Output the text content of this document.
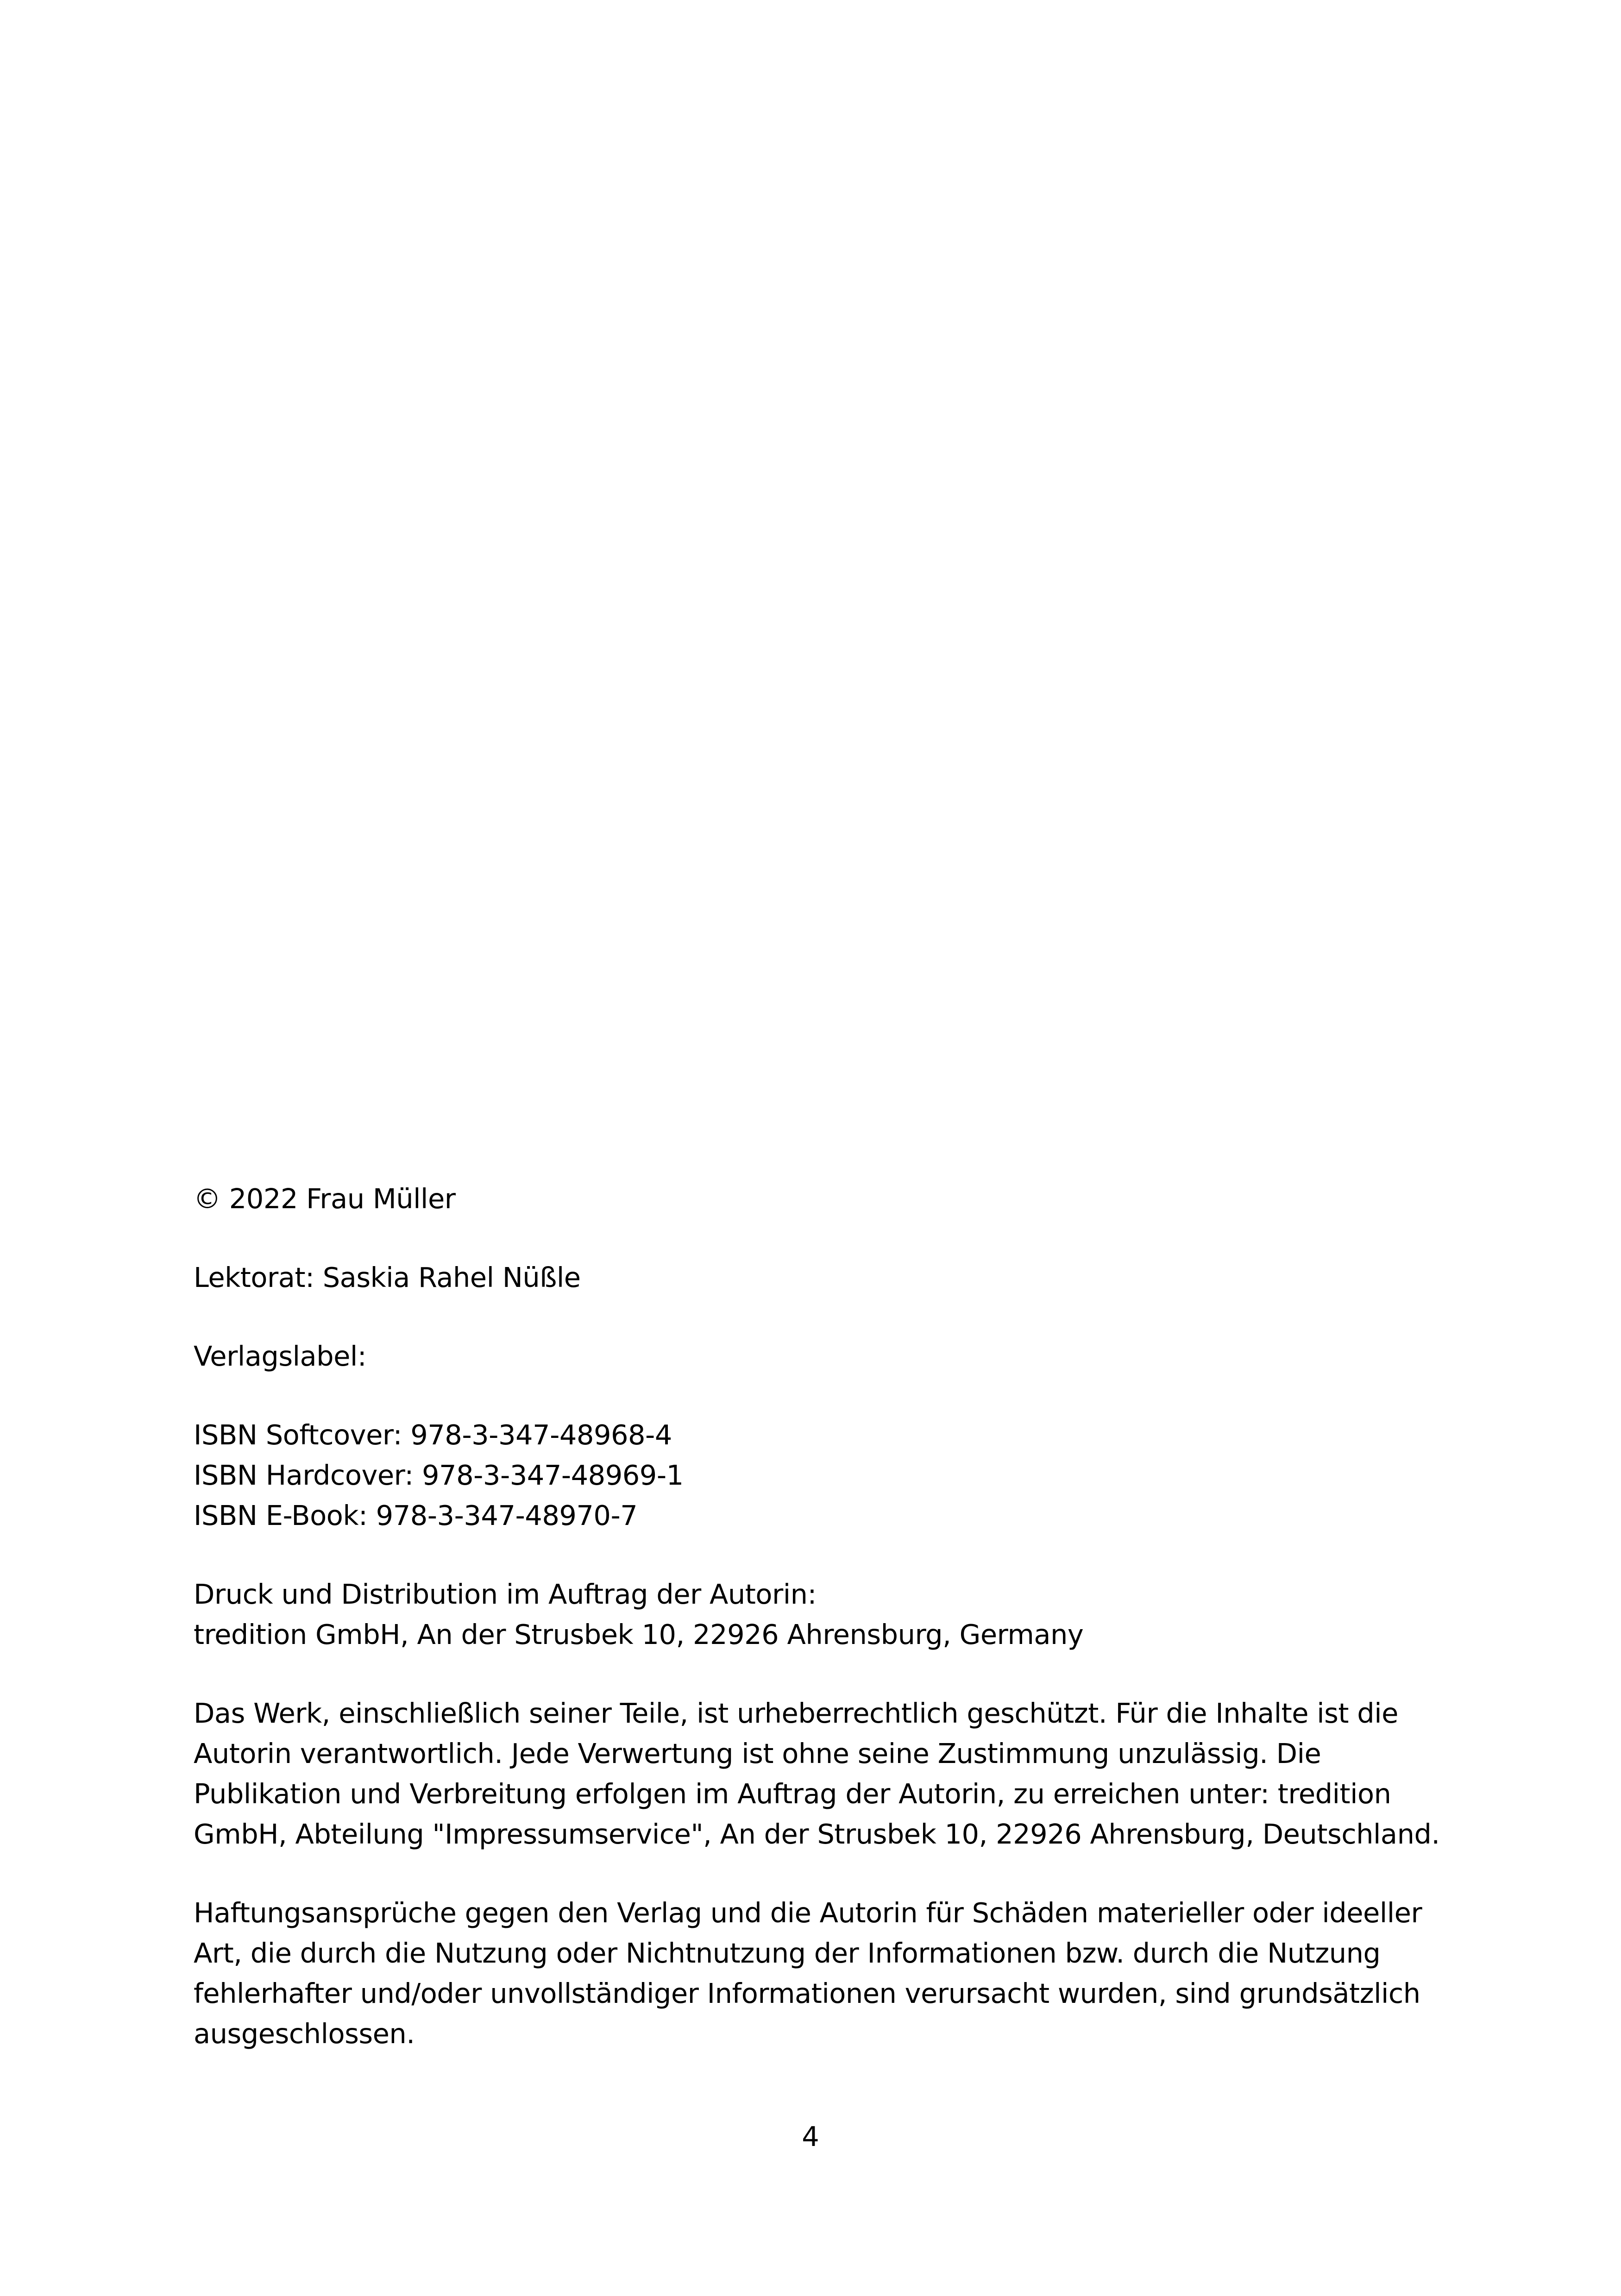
© 2022 Frau Müller
Lektorat: Saskia Rahel Nüßle
Verlagslabel:
ISBN Softcover: 978-3-347-48968-4
ISBN Hardcover: 978-3-347-48969-1
ISBN E-Book: 978-3-347-48970-7
Druck und Distribution im Auftrag der Autorin:
tredition GmbH, An der Strusbek 10, 22926 Ahrensburg, Germany
Das Werk, einschließlich seiner Teile, ist urheberrechtlich geschützt. Für die Inhalte ist die
Autorin verantwortlich. Jede Verwertung ist ohne seine Zustimmung unzulässig. Die
Publikation und Verbreitung erfolgen im Auftrag der Autorin, zu erreichen unter: tredition
GmbH, Abteilung "Impressumservice", An der Strusbek 10, 22926 Ahrensburg, Deutschland.
Haftungsansprüche gegen den Verlag und die Autorin für Schäden materieller oder ideeller
Art, die durch die Nutzung oder Nichtnutzung der Informationen bzw. durch die Nutzung
fehlerhafter und/oder unvollständiger Informationen verursacht wurden, sind grundsätzlich
ausgeschlossen.
4
